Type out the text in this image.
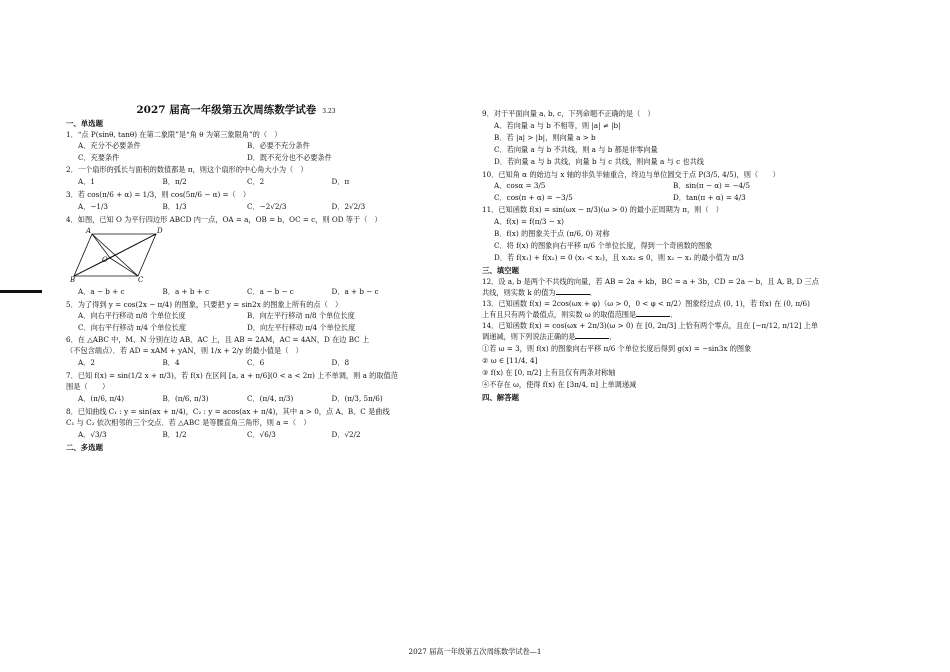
2027 届高一年级第五次周练数学试卷 3.23
一、单选题
1．“点 P(sinθ, tanθ) 在第二象限”是“角 θ 为第三象限角”的（　）
A．充分不必要条件	B．必要不充分条件
C．充要条件	D．既不充分也不必要条件
2．一个扇形的弧长与面积的数值都是 π，则这个扇形的中心角大小为（　）
A．1	B．π/2	C．2	D．π
3．若 cos(π/6 + α) = 1/3，则 cos(5π/6 − α) =（　）
A．−1/3	B．1/3	C．−2√2/3	D．2√2/3
4．如图，已知 O 为平行四边形 ABCD 内一点，OA = a，OB = b，OC = c，则 OD 等于（　）
A	D
O
B	C
A．a − b + c	B．a + b + c	C．a − b − c	D．a + b − c
5．为了得到 y = cos(2x − π/4) 的图象，只要把 y = sin2x 的图象上所有的点（　）
A．向右平行移动 π/8 个单位长度	B．向左平行移动 π/8 个单位长度
C．向右平行移动 π/4 个单位长度	D．向左平行移动 π/4 个单位长度
6．在 △ABC 中，M、N 分别在边 AB、AC 上，且 AB = 2AM，AC = 4AN，D 在边 BC 上
（不包含端点）．若 AD = xAM + yAN，则 1/x + 2/y 的最小值是（　）
A．2	B．4	C．6	D．8
7．已知 f(x) = sin(1/2 x + π/3)，若 f(x) 在区间 [a, a + π/6](0 < a < 2π) 上不单调，则 a 的取值范
围是（　　）
A．(π/6, π/4)	B．(π/6, π/3)	C．(π/4, π/3)	D．(π/3, 5π/6)
8．已知曲线 C₁ : y = sin(ax + π/4)，C₂ : y = acos(ax + π/4)，其中 a > 0，点 A、B、C 是曲线
C₁ 与 C₂ 依次相邻的三个交点．若 △ABC 是等腰直角三角形，则 a =（　）
A．√3/3	B．1/2	C．√6/3	D．√2/2
二、多选题
9．对于平面向量 a, b, c，下列命题不正确的是（　）
A．若向量 a 与 b 不相等，则 |a| ≠ |b|
B．若 |a| > |b|，则向量 a > b
C．若向量 a 与 b 不共线，则 a 与 b 都是非零向量
D．若向量 a 与 b 共线，向量 b 与 c 共线，则向量 a 与 c 也共线
10．已知角 α 的始边与 x 轴的非负半轴重合，终边与单位圆交于点 P(3/5, 4/5)，则（　　）
A．cosα = 3/5	B．sin(π − α) = −4/5
C．cos(π + α) = −3/5	D．tan(π + α) = 4/3
11．已知函数 f(x) = sin(ωx − π/3)(ω > 0) 的最小正周期为 π，则（　）
A．f(x) = f(π/3 − x)
B．f(x) 的图象关于点 (π/6, 0) 对称
C．将 f(x) 的图象向右平移 π/6 个单位长度，得到一个奇函数的图象
D．若 f(x₁) + f(x₂) = 0 (x₁ < x₂)，且 x₁x₂ ≤ 0，则 x₂ − x₁ 的最小值为 π/3
三、填空题
12．设 a, b 是两个不共线的向量，若 AB = 2a + kb，BC = a + 3b，CD = 2a − b，且 A, B, D 三点
共线，则实数 k 的值为	．
13．已知函数 f(x) = 2cos(ωx + φ)（ω > 0，0 < φ < π/2）图象经过点 (0, 1)，若 f(x) 在 (0, π/6)
上有且只有两个最值点，则实数 ω 的取值范围是	．
14．已知函数 f(x) = cos(ωx + 2π/3)(ω > 0) 在 [0, 2π/3] 上恰有两个零点，且在 [−π/12, π/12] 上单
调递减，则下列说法正确的是	．
①若 ω = 3，则 f(x) 的图象向右平移 π/6 个单位长度后得到 g(x) = −sin3x 的图象
② ω ∈ [11/4, 4]
③ f(x) 在 [0, π/2] 上有且仅有两条对称轴
④不存在 ω，使得 f(x) 在 [3π/4, π] 上单调递减
四、解答题
2027 届高一年级第五次周练数学试卷—1
